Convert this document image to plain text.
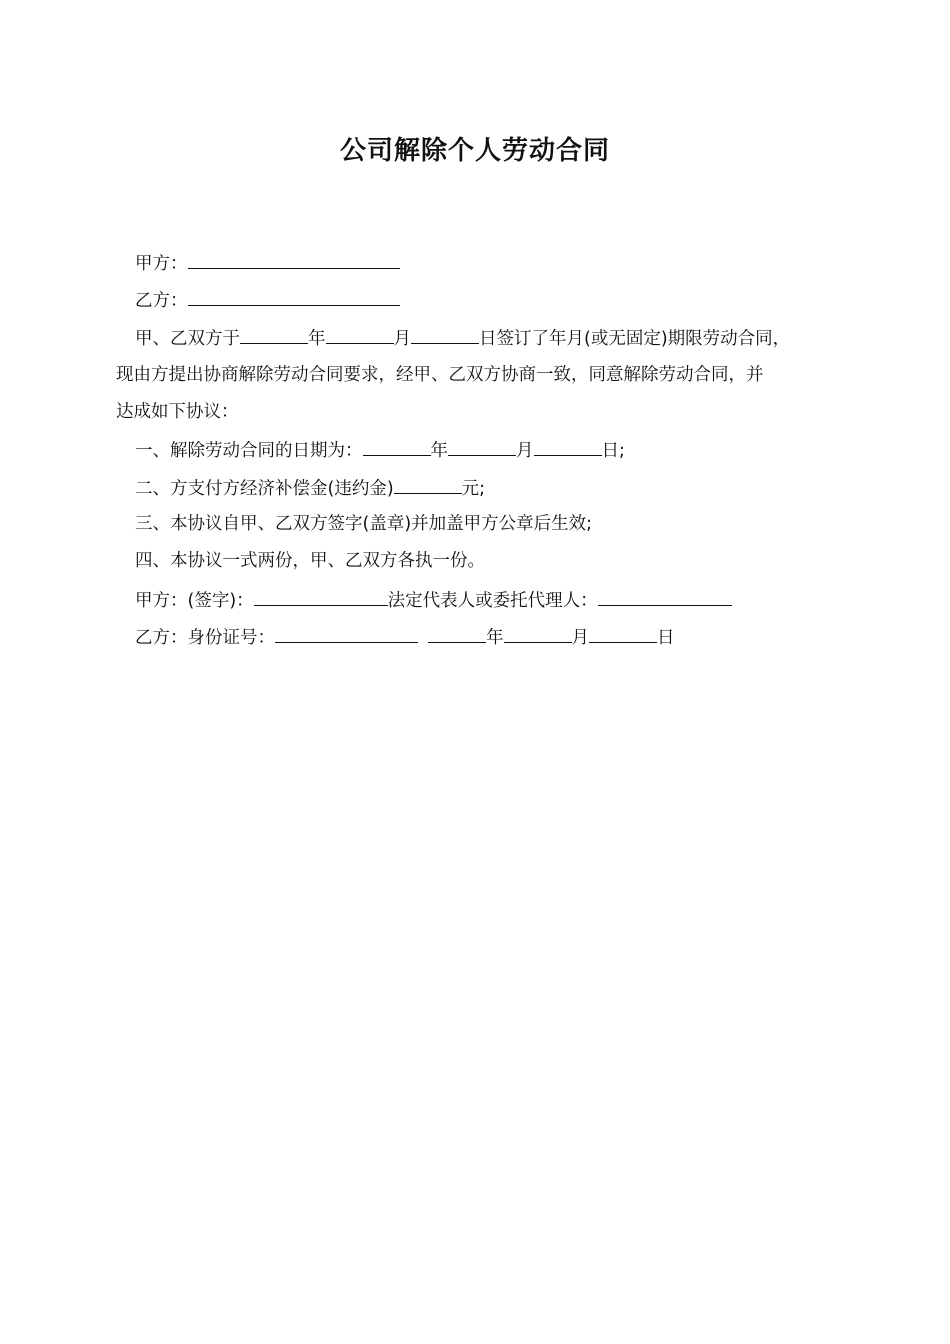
公司解除个人劳动合同
甲方：
乙方：
甲、乙双方于	年	月	日签订了年月(或无固定)期限劳动合同，
现由方提出协商解除劳动合同要求，经甲、乙双方协商一致，同意解除劳动合同，并
达成如下协议：
一、解除劳动合同的日期为：	年	月	日;
二、方支付方经济补偿金(违约金)	元;
三、本协议自甲、乙双方签字(盖章)并加盖甲方公章后生效;
四、本协议一式两份，甲、乙双方各执一份。
甲方：(签字)：	法定代表人或委托代理人：
乙方：身份证号：	年	月	日
